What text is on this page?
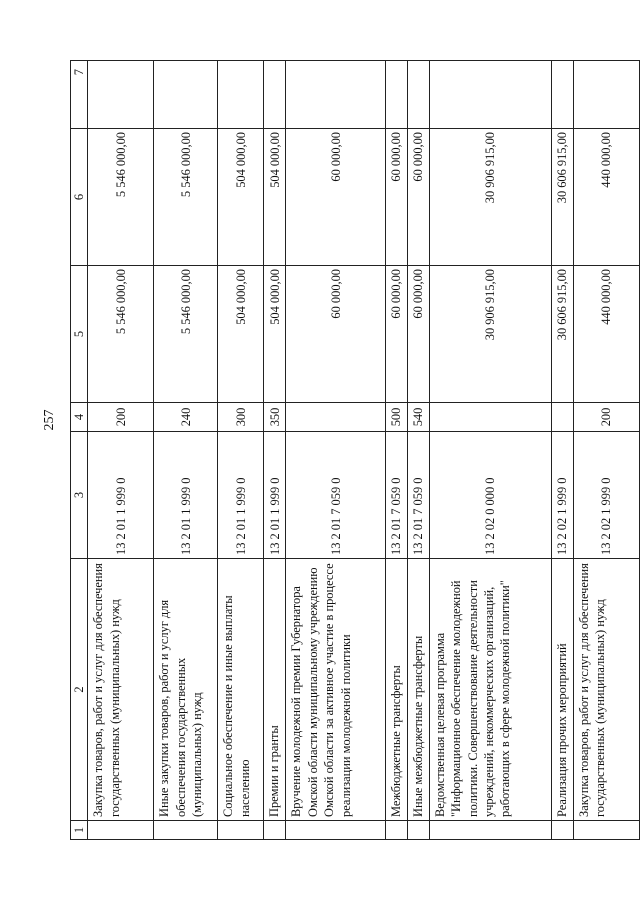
257
1	2	3	4	5	6	7
	Закупка товаров, работ и услуг для обеспечения государственных (муниципальных) нужд	13 2 01 1 999 0	200	5 546 000,00	5 546 000,00	
	Иные закупки товаров, работ и услуг для обеспечения государственных (муниципальных) нужд	13 2 01 1 999 0	240	5 546 000,00	5 546 000,00	
	Социальное обеспечение и иные выплаты населению	13 2 01 1 999 0	300	504 000,00	504 000,00	
	Премии и гранты	13 2 01 1 999 0	350	504 000,00	504 000,00	
	Вручение молодежной премии Губернатора Омской области муниципальному учреждению Омской области за активное участие в процессе реализации молодежной политики	13 2 01 7 059 0		60 000,00	60 000,00	
	Межбюджетные трансферты	13 2 01 7 059 0	500	60 000,00	60 000,00	
	Иные межбюджетные трансферты	13 2 01 7 059 0	540	60 000,00	60 000,00	
	Ведомственная целевая программа "Информационное обеспечение молодежной политики. Совершенствование деятельности учреждений, некоммерческих организаций, работающих в сфере молодежной политики"	13 2 02 0 000 0		30 906 915,00	30 906 915,00	
	Реализация прочих мероприятий	13 2 02 1 999 0		30 606 915,00	30 606 915,00	
	Закупка товаров, работ и услуг для обеспечения государственных (муниципальных) нужд	13 2 02 1 999 0	200	440 000,00	440 000,00	
